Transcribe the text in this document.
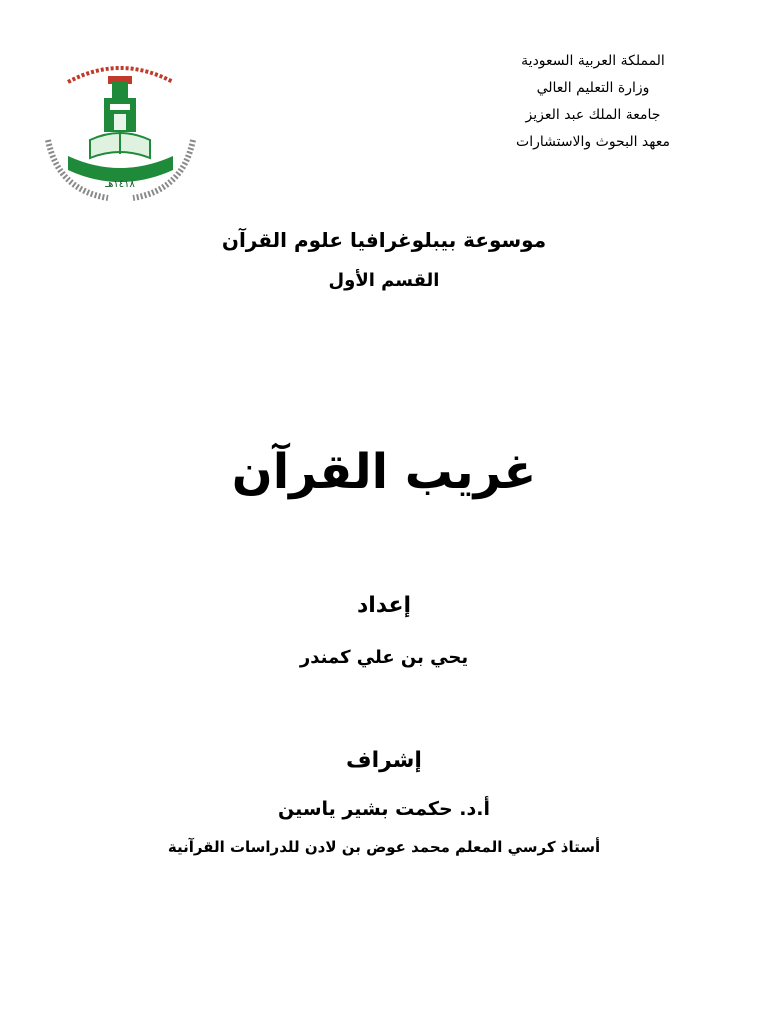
١٤١٨هـ
المملكة العربية السعودية
وزارة التعليم العالي
جامعة الملك عبد العزيز
معهد البحوث والاستشارات
موسوعة بيبلوغرافيا علوم القرآن
القسم الأول
غريب القرآن
إعداد
يحي بن علي كمندر
إشراف
أ.د. حكمت بشير ياسين
أستاذ كرسي المعلم محمد عوض بن لادن للدراسات القرآنية
